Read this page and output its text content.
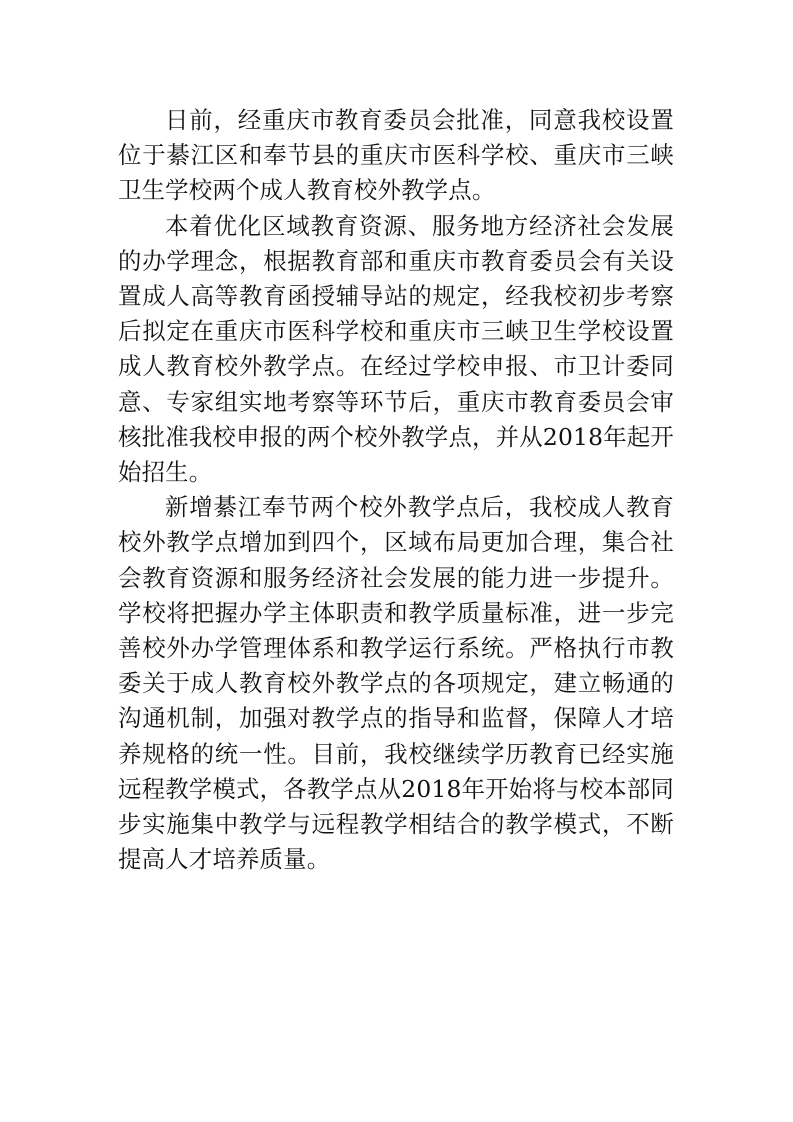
日前，经重庆市教育委员会批准，同意我校设置位于綦江区和奉节县的重庆市医科学校、重庆市三峡卫生学校两个成人教育校外教学点。

本着优化区域教育资源、服务地方经济社会发展的办学理念，根据教育部和重庆市教育委员会有关设置成人高等教育函授辅导站的规定，经我校初步考察后拟定在重庆市医科学校和重庆市三峡卫生学校设置成人教育校外教学点。在经过学校申报、市卫计委同意、专家组实地考察等环节后，重庆市教育委员会审核批准我校申报的两个校外教学点，并从2018年起开始招生。

新增綦江奉节两个校外教学点后，我校成人教育校外教学点增加到四个，区域布局更加合理，集合社会教育资源和服务经济社会发展的能力进一步提升。学校将把握办学主体职责和教学质量标准，进一步完善校外办学管理体系和教学运行系统。严格执行市教委关于成人教育校外教学点的各项规定，建立畅通的沟通机制，加强对教学点的指导和监督，保障人才培养规格的统一性。目前，我校继续学历教育已经实施远程教学模式，各教学点从2018年开始将与校本部同步实施集中教学与远程教学相结合的教学模式，不断提高人才培养质量。
